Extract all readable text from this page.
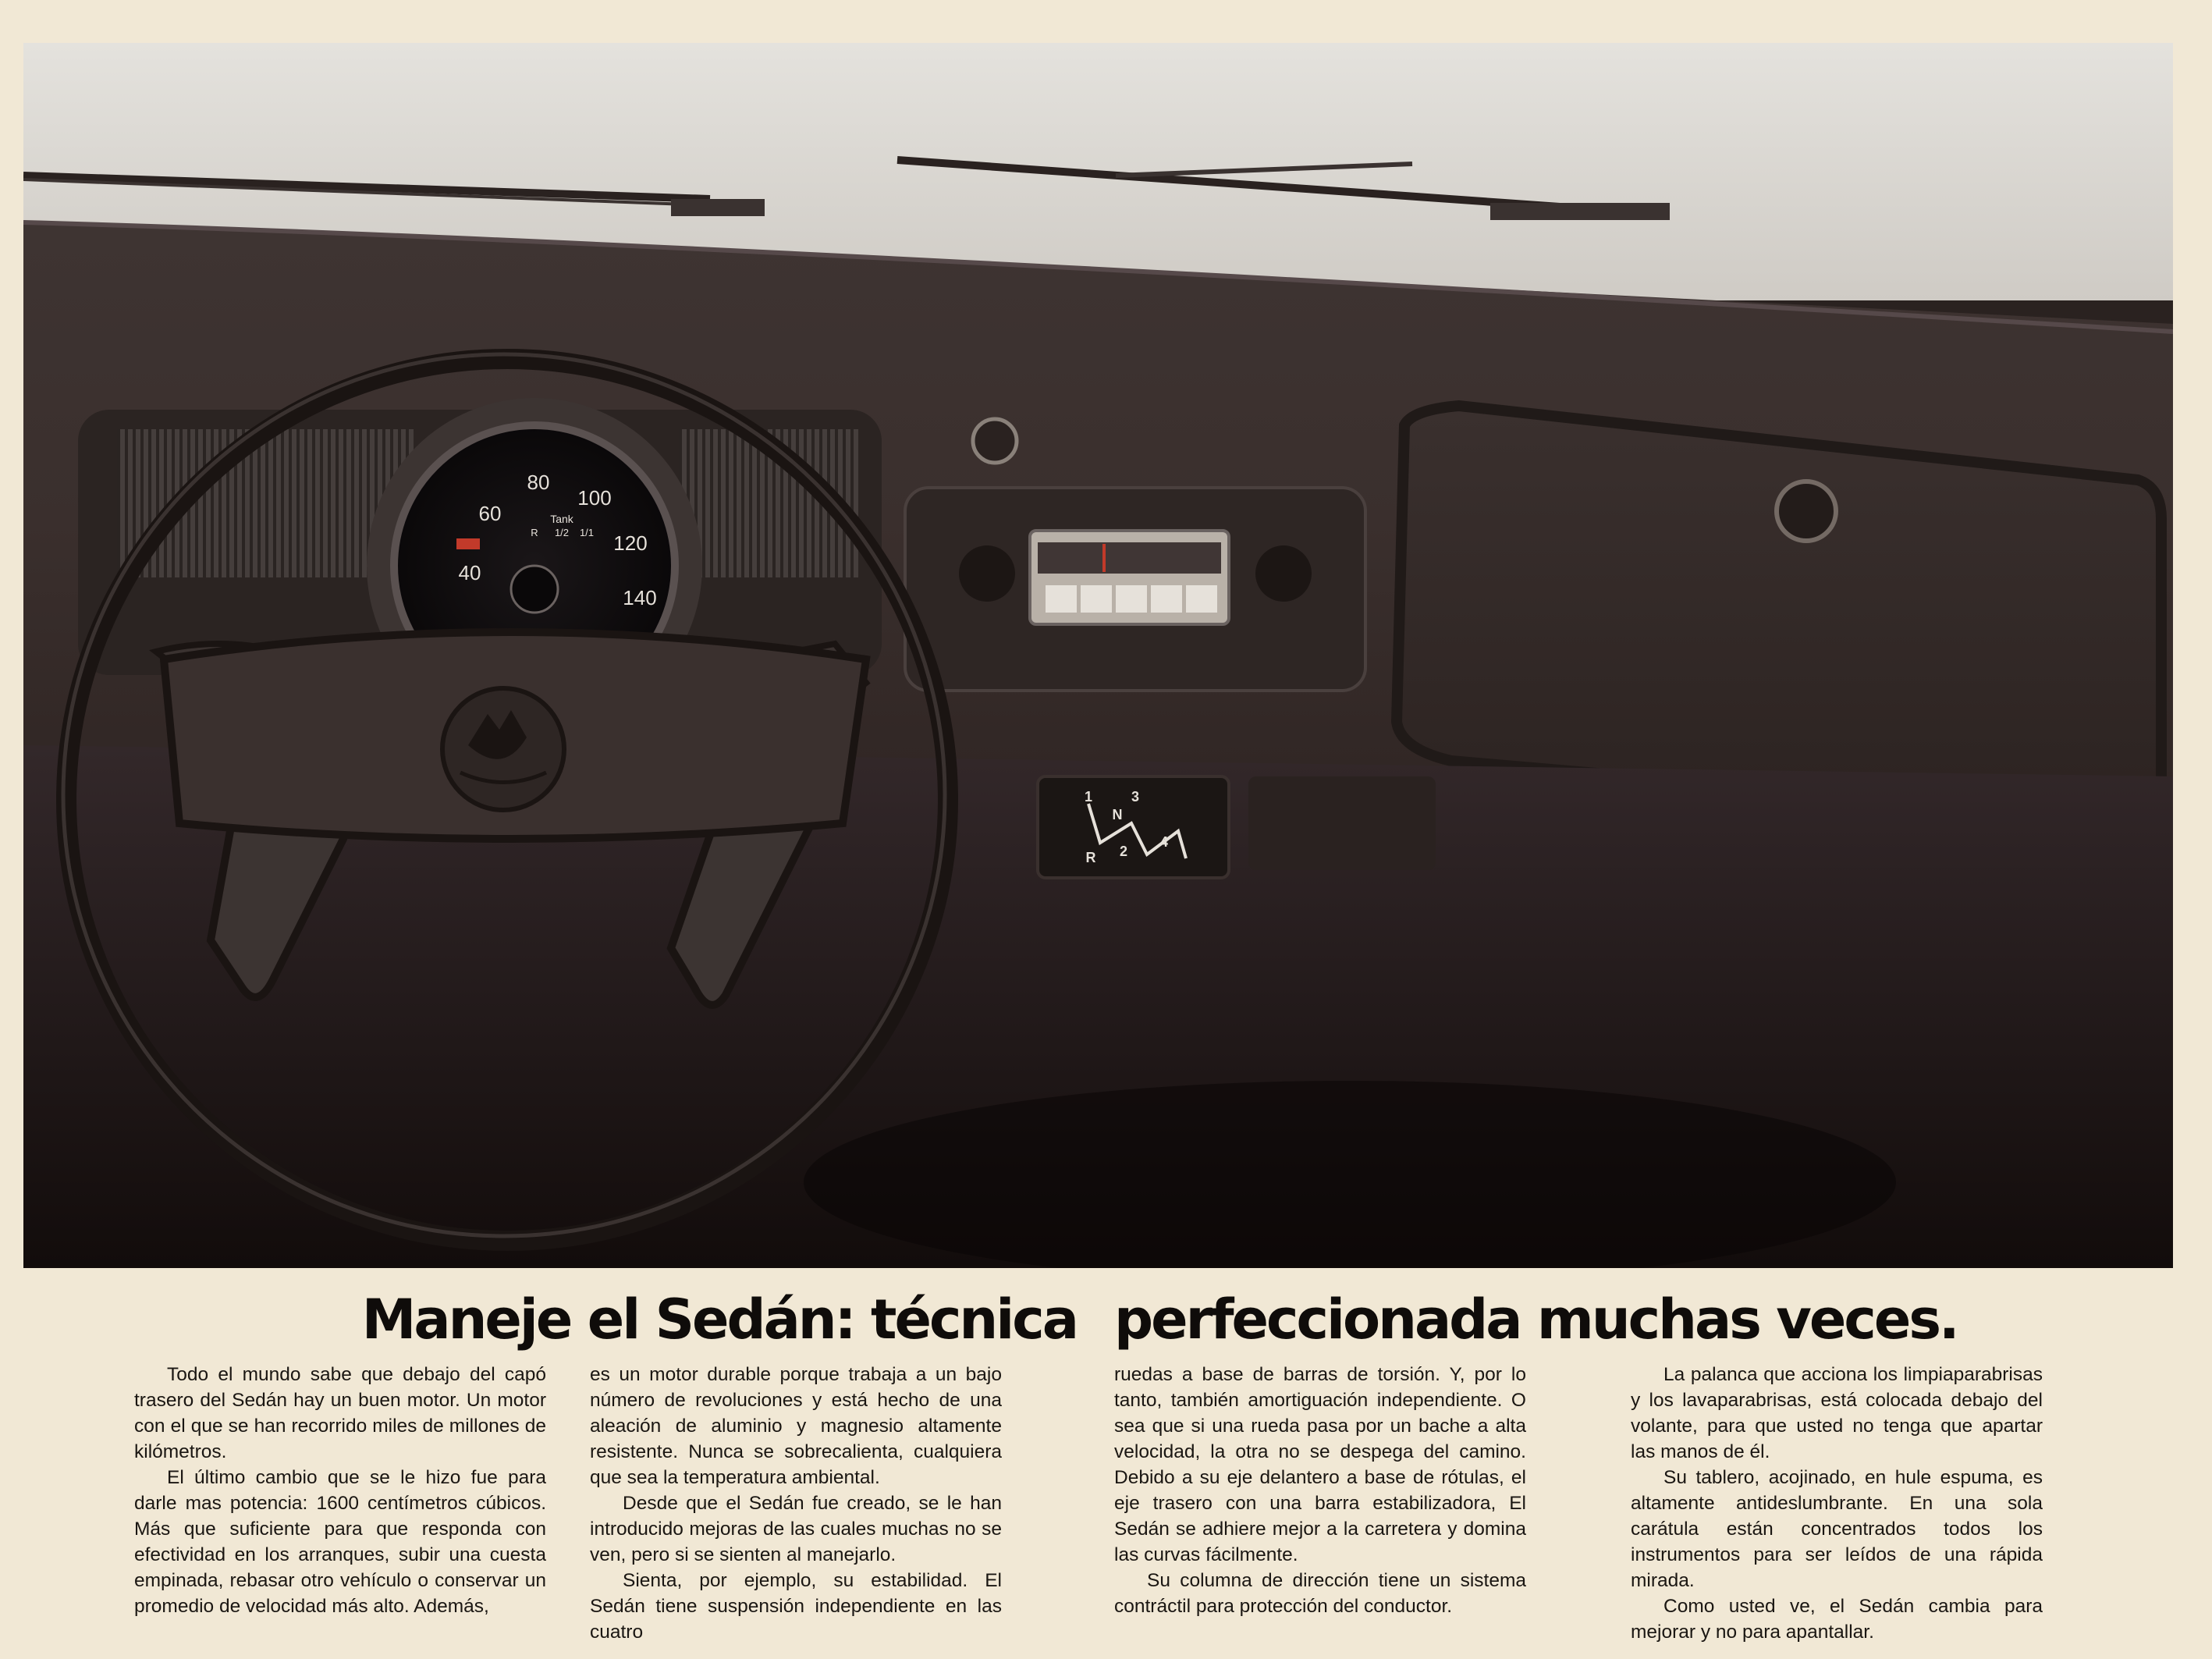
40
60
80
100
120
140
Tank
R 1/2 1/1
1
N
3
R 2
4
Maneje el Sedán: técnica perfeccionada muchas veces.

Todo el mundo sabe que debajo del capó trasero del Sedán hay un buen motor. Un motor con el que se han recorrido miles de millones de kilómetros.

El último cambio que se le hizo fue para darle mas potencia: 1600 centímetros cúbicos. Más que suficiente para que responda con efectividad en los arranques, subir una cuesta empinada, rebasar otro vehículo o conservar un promedio de velocidad más alto. Además,

es un motor durable porque trabaja a un bajo número de revoluciones y está hecho de una aleación de aluminio y magnesio altamente resistente. Nunca se sobrecalienta, cualquiera que sea la temperatura ambiental.

Desde que el Sedán fue creado, se le han introducido mejoras de las cuales muchas no se ven, pero si se sienten al manejarlo.

Sienta, por ejemplo, su estabilidad. El Sedán tiene suspensión independiente en las cuatro

ruedas a base de barras de torsión. Y, por lo tanto, también amortiguación independiente. O sea que si una rueda pasa por un bache a alta velocidad, la otra no se despega del camino. Debido a su eje delantero a base de rótulas, el eje trasero con una barra estabilizadora, El Sedán se adhiere mejor a la carretera y domina las curvas fácilmente.

Su columna de dirección tiene un sistema contráctil para protección del conductor.

La palanca que acciona los limpiaparabrisas y los lavaparabrisas, está colocada debajo del volante, para que usted no tenga que apartar las manos de él.

Su tablero, acojinado, en hule espuma, es altamente antideslumbrante. En una sola carátula están concentrados todos los instrumentos para ser leídos de una rápida mirada.

Como usted ve, el Sedán cambia para mejorar y no para apantallar.
